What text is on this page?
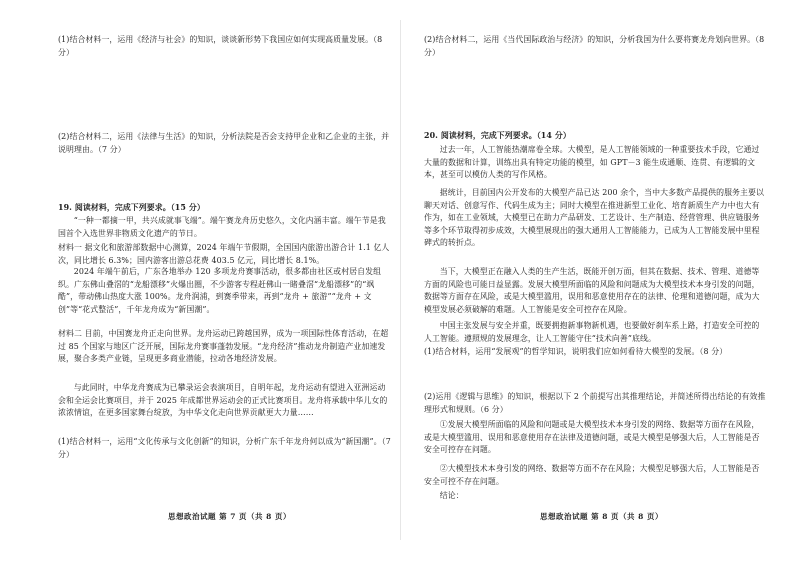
(1)结合材料一，运用《经济与社会》的知识，谈谈新形势下我国应如何实现高质量发展。（8 分）
(2)结合材料二，运用《法律与生活》的知识，分析法院是否会支持甲企业和乙企业的主张，并说明理由。（7 分）
19. 阅读材料，完成下列要求。（15 分）
“一种一都摘一甲，共兴成就事飞端”。端午赛龙舟历史悠久，文化内涵丰富。端午节是我国首个入选世界非物质文化遗产的节日。
材料一 据文化和旅游部数据中心测算，2024 年端午节假期，全国国内旅游出游合计 1.1 亿人次，同比增长 6.3%；国内游客出游总花费 403.5 亿元，同比增长 8.1%。
2024 年端午前后，广东各地举办 120 多项龙舟赛事活动，很多都由社区或村居自发组织。广东佛山叠滘的“龙船漂移”火爆出圈，不少游客专程赶佛山一睹叠滘“龙船漂移”的“飒酷”，带动佛山热度大涨 100%。龙舟润浦，到赛季带来，再到“龙舟 + 旅游”“龙舟 + 文创”等“花式整活”，千年龙舟成为“新国潮”。
材料二 目前，中国赛龙舟正走向世界。龙舟运动已跨越国界，成为一项国际性体育活动，在超过 85 个国家与地区广泛开展，国际龙舟赛事蓬勃发展。“龙舟经济”推动龙舟制造产业加速发展，聚合多类产业链，呈现更多商业潜能，拉动各地经济发展。
与此同时，中华龙舟赛成为已攀录运会表演项目，自明年起，龙舟运动有望进入亚洲运动会和全运会比赛项目，并于 2025 年成都世界运动会的正式比赛项目。龙舟将承载中华儿女的浓浓情谊，在更多国家舞台绽放，为中华文化走向世界贡献更大力量……
(1)结合材料一，运用“文化传承与文化创新”的知识，分析广东千年龙舟何以成为“新国潮”。（7 分）
思想政治试题 第 7 页（共 8 页）
(2)结合材料二，运用《当代国际政治与经济》的知识，分析我国为什么要将赛龙舟划向世界。（8 分）
20. 阅读材料，完成下列要求。（14 分）
过去一年，人工智能热潮席卷全球。大模型，是人工智能领域的一种重要技术手段，它通过大量的数据和计算，训练出具有特定功能的模型，如 GPT－3 能生成通顺、连贯、有逻辑的文本，甚至可以模仿人类的写作风格。
据统计，目前国内公开发布的大模型产品已达 200 余个，当中大多数产品提供的服务主要以聊天对话、创意写作、代码生成为主；同时大模型在推进新型工业化、培育新质生产力中也大有作为，如在工业领域，大模型已在助力产品研发、工艺设计、生产制造、经营管理、供应链服务等多个环节取得初步成效，大模型展现出的强大通用人工智能能力，已成为人工智能发展中里程碑式的转折点。
当下，大模型正在融入人类的生产生活，既能开创万面，但其在数据、技术、管理、道德等方面的风险也可能日益显露。发展大模型所面临的风险和问题成为大模型技术本身引发的问题，数据等方面存在风险，或是大模型滥用，误用和恶意使用存在的法律、伦理和道德问题，成为大模型发展必须破解的难题。人工智能是安全可控存在风险。
中国主张发展与安全并重，既要拥抱新事物新机遇，也要做好刹车系上路，打造安全可控的人工智能。遵照规的发展理念，让人工智能守住“技术向善”底线。
(1)结合材料，运用“发展观”的哲学知识，说明我们应如何看待大模型的发展。（8 分）
(2)运用《逻辑与思维》的知识，根据以下 2 个前提写出其推理结论，并简述所得出结论的有效推理形式和规则。（6 分）
①发展大模型所面临的风险和问题或是大模型技术本身引发的网络、数据等方面存在风险，或是大模型滥用、误用和恶意使用存在法律及道德问题，或是大模型是够强大后，人工智能是否安全可控存在问题。
②大模型技术本身引发的网络、数据等方面不存在风险；大模型足够强大后，人工智能是否安全可控不存在问题。
结论：
思想政治试题 第 8 页（共 8 页）
